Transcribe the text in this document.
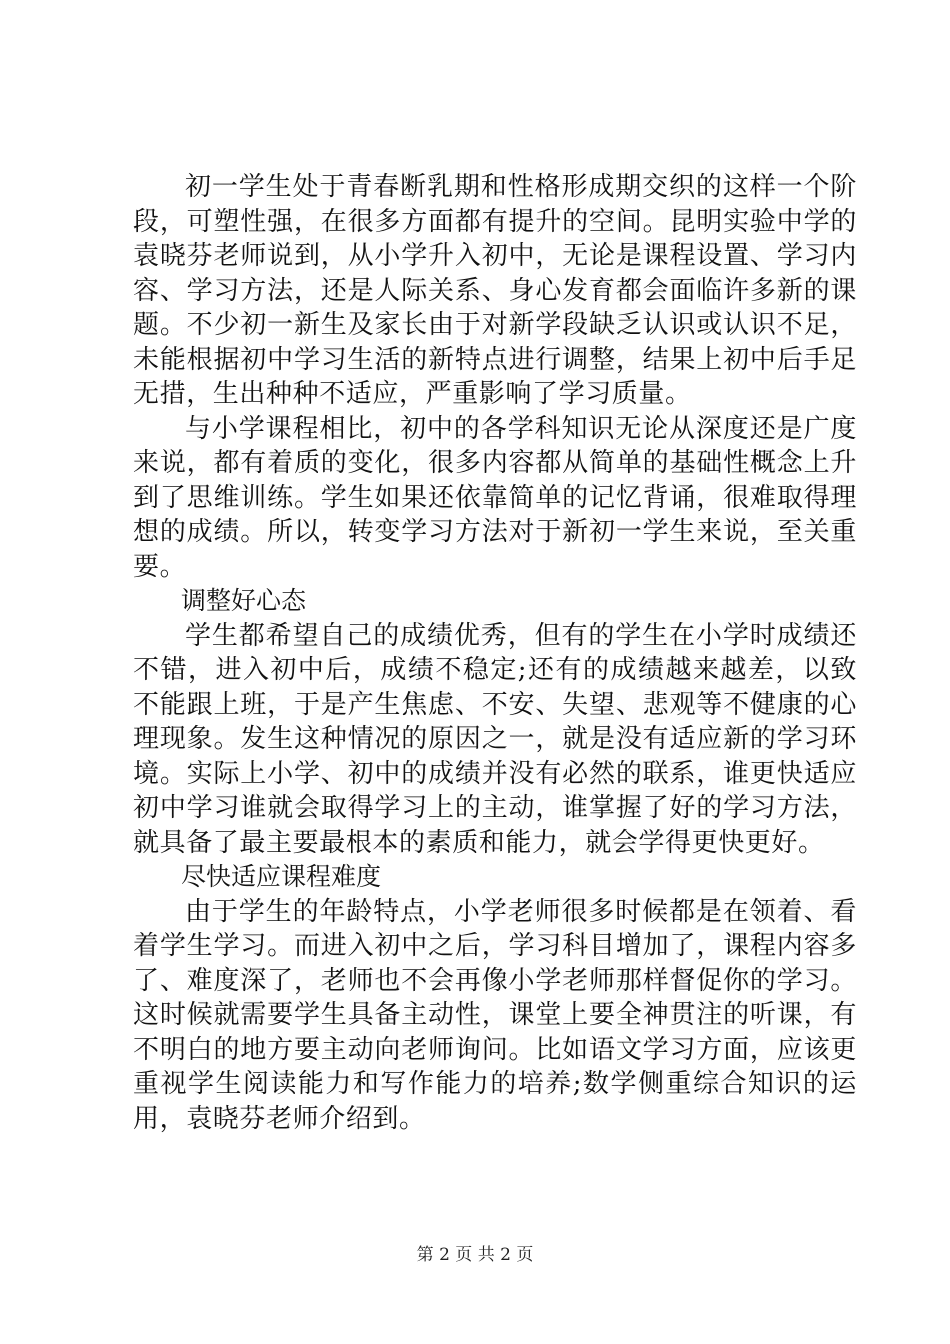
初一学生处于青春断乳期和性格形成期交织的这样一个阶段，可塑性强，在很多方面都有提升的空间。昆明实验中学的袁晓芬老师说到，从小学升入初中，无论是课程设置、学习内容、学习方法，还是人际关系、身心发育都会面临许多新的课题。不少初一新生及家长由于对新学段缺乏认识或认识不足，未能根据初中学习生活的新特点进行调整，结果上初中后手足无措，生出种种不适应，严重影响了学习质量。

与小学课程相比，初中的各学科知识无论从深度还是广度来说，都有着质的变化，很多内容都从简单的基础性概念上升到了思维训练。学生如果还依靠简单的记忆背诵，很难取得理想的成绩。所以，转变学习方法对于新初一学生来说，至关重要。

调整好心态

学生都希望自己的成绩优秀，但有的学生在小学时成绩还不错，进入初中后，成绩不稳定;还有的成绩越来越差，以致不能跟上班，于是产生焦虑、不安、失望、悲观等不健康的心理现象。发生这种情况的原因之一，就是没有适应新的学习环境。实际上小学、初中的成绩并没有必然的联系，谁更快适应初中学习谁就会取得学习上的主动，谁掌握了好的学习方法，就具备了最主要最根本的素质和能力，就会学得更快更好。

尽快适应课程难度

由于学生的年龄特点，小学老师很多时候都是在领着、看着学生学习。而进入初中之后，学习科目增加了，课程内容多了、难度深了，老师也不会再像小学老师那样督促你的学习。这时候就需要学生具备主动性，课堂上要全神贯注的听课，有不明白的地方要主动向老师询问。比如语文学习方面，应该更重视学生阅读能力和写作能力的培养;数学侧重综合知识的运用，袁晓芬老师介绍到。

第 2 页 共 2 页
